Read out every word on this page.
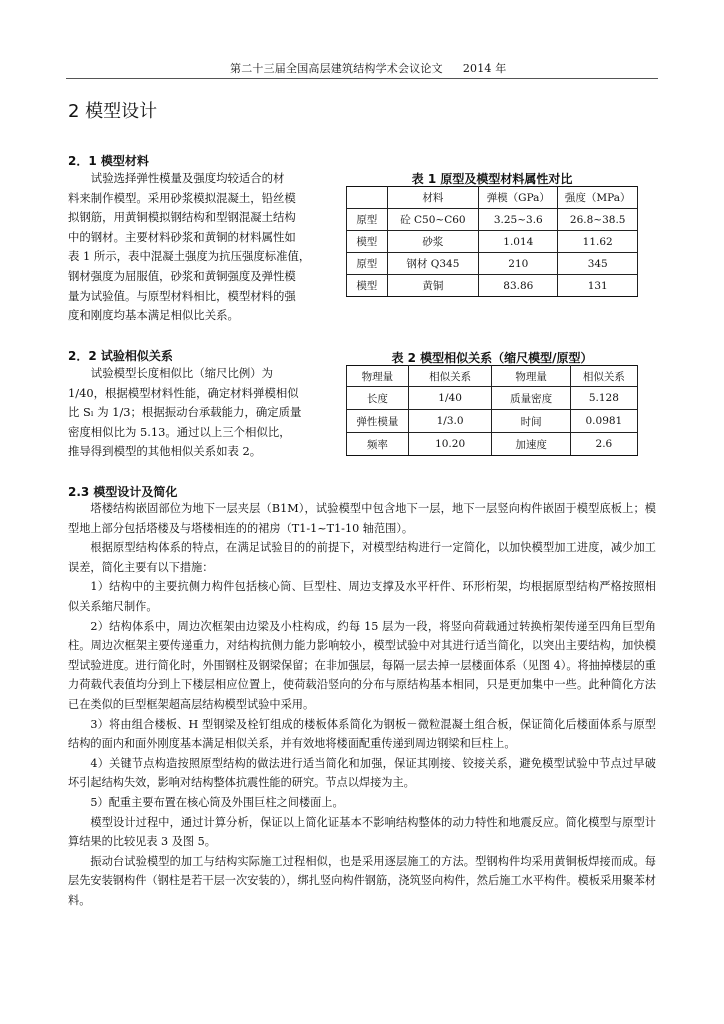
第二十三届全国高层建筑结构学术会议论文 2014 年
2 模型设计
2．1 模型材料

试验选择弹性模量及强度均较适合的材

料来制作模型。采用砂浆模拟混凝土，铅丝模

拟钢筋，用黄铜模拟钢结构和型钢混凝土结构

中的钢材。主要材料砂浆和黄铜的材料属性如

表 1 所示，表中混凝土强度为抗压强度标准值，

钢材强度为屈服值，砂浆和黄铜强度及弹性模

量为试验值。与原型材料相比，模型材料的强

度和刚度均基本满足相似比关系。

表 1 原型及模型材料属性对比
	材料	弹模（GPa）	强度（MPa）
原型	砼 C50~C60	3.25~3.6	26.8~38.5
模型	砂浆	1.014	11.62
原型	钢材 Q345	210	345
模型	黄铜	83.86	131
2．2 试验相似关系

试验模型长度相似比（缩尺比例）为

1/40，根据模型材料性能，确定材料弹模相似

比 Sₗ 为 1/3；根据振动台承载能力，确定质量

密度相似比为 5.13。通过以上三个相似比，

推导得到模型的其他相似关系如表 2。

表 2 模型相似关系（缩尺模型/原型）
物理量	相似关系	物理量	相似关系
长度	1/40	质量密度	5.128
弹性模量	1/3.0	时间	0.0981
频率	10.20	加速度	2.6
2.3 模型设计及简化

塔楼结构嵌固部位为地下一层夹层（B1M），试验模型中包含地下一层，地下一层竖向构件嵌固于模型底板上；模型地上部分包括塔楼及与塔楼相连的的裙房（T1-1~T1-10 轴范围）。

根据原型结构体系的特点，在满足试验目的的前提下，对模型结构进行一定简化，以加快模型加工进度，减少加工误差，简化主要有以下措施：

1）结构中的主要抗侧力构件包括核心筒、巨型柱、周边支撑及水平杆件、环形桁架，均根据原型结构严格按照相似关系缩尺制作。

2）结构体系中，周边次框架由边梁及小柱构成，约每 15 层为一段，将竖向荷载通过转换桁架传递至四角巨型角柱。周边次框架主要传递重力，对结构抗侧力能力影响较小，模型试验中对其进行适当简化，以突出主要结构，加快模型试验进度。进行简化时，外围钢柱及钢梁保留；在非加强层，每隔一层去掉一层楼面体系（见图 4）。将抽掉楼层的重力荷载代表值均分到上下楼层相应位置上，使荷载沿竖向的分布与原结构基本相同，只是更加集中一些。此种简化方法已在类似的巨型框架超高层结构模型试验中采用。

3）将由组合楼板、H 型钢梁及栓钉组成的楼板体系简化为钢板－微粒混凝土组合板，保证简化后楼面体系与原型结构的面内和面外刚度基本满足相似关系，并有效地将楼面配重传递到周边钢梁和巨柱上。

4）关键节点构造按照原型结构的做法进行适当简化和加强，保证其刚接、铰接关系，避免模型试验中节点过早破坏引起结构失效，影响对结构整体抗震性能的研究。节点以焊接为主。

5）配重主要布置在核心筒及外围巨柱之间楼面上。

模型设计过程中，通过计算分析，保证以上简化证基本不影响结构整体的动力特性和地震反应。简化模型与原型计算结果的比较见表 3 及图 5。

振动台试验模型的加工与结构实际施工过程相似，也是采用逐层施工的方法。型钢构件均采用黄铜板焊接而成。每层先安装钢构件（钢柱是若干层一次安装的），绑扎竖向构件钢筋，浇筑竖向构件，然后施工水平构件。模板采用聚苯材料。
